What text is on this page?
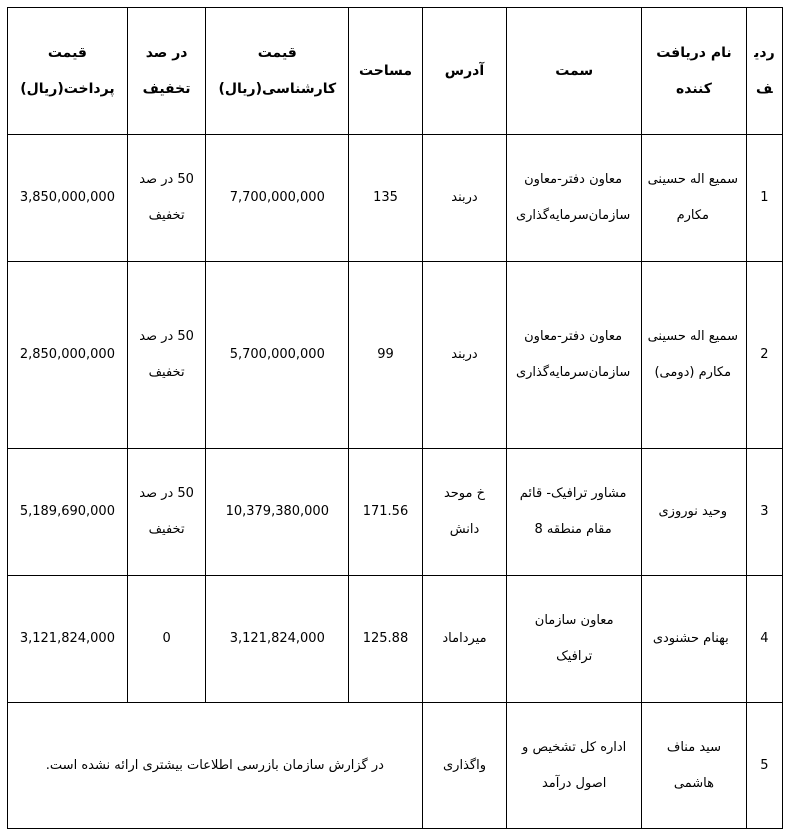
ردیف	نام دریافت کننده	سمت	آدرس	مساحت	قیمت کارشناسی(ریال)	در صد تخفیف	قیمت پرداخت(ریال)
1	سمیع اله حسینی مکارم	معاون دفتر-معاون سازمان‌سرمایه‌گذاری	دربند	135	7,700,000,000	50 در صد تخفیف	3,850,000,000
2	سمیع اله حسینی مکارم (دومی)	معاون دفتر-معاون سازمان‌سرمایه‌گذاری	دربند	99	5,700,000,000	50 در صد تخفیف	2,850,000,000
3	وحید نوروزی	مشاور ترافیک- قائم مقام منطقه 8	خ موحد دانش	171.56	10,379,380,000	50 در صد تخفیف	5,189,690,000
4	بهنام حشنودی	معاون سازمان ترافیک	میرداماد	125.88	3,121,824,000	0	3,121,824,000
5	سید مناف هاشمی	اداره کل تشخیص و اصول درآمد	واگذاری	در گزارش سازمان بازرسی اطلاعات بیشتری ارائه نشده است.			
